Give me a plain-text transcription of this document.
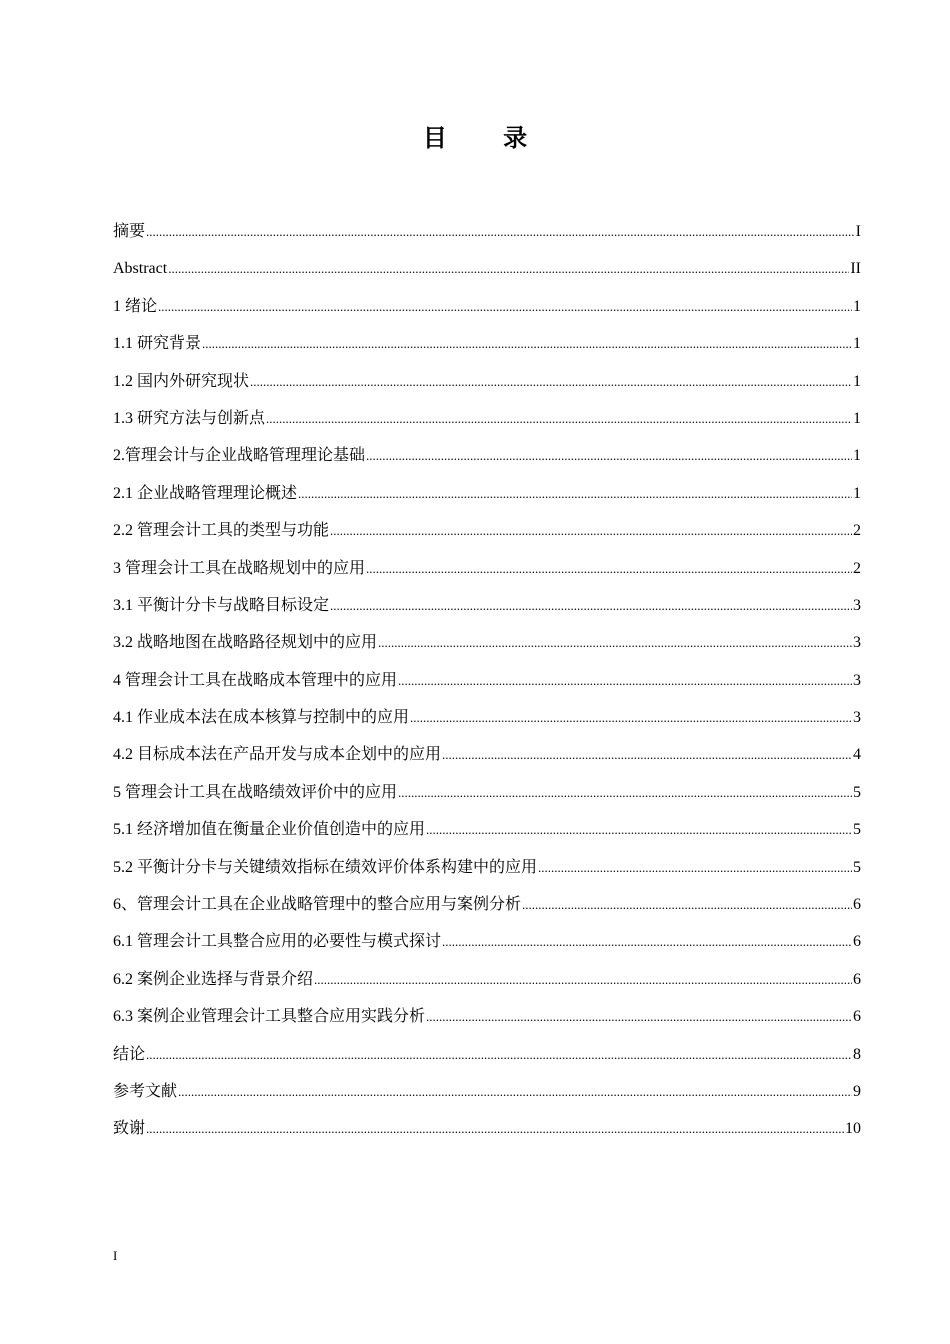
目 录
摘要 .....	I
Abstract .....	II
1 绪论 .....	1
1.1 研究背景 .....	1
1.2 国内外研究现状 .....	1
1.3 研究方法与创新点 .....	1
2.管理会计与企业战略管理理论基础 .....	1
2.1 企业战略管理理论概述 .....	1
2.2 管理会计工具的类型与功能 .....	2
3 管理会计工具在战略规划中的应用 .....	2
3.1 平衡计分卡与战略目标设定 .....	3
3.2 战略地图在战略路径规划中的应用 .....	3
4 管理会计工具在战略成本管理中的应用 .....	3
4.1 作业成本法在成本核算与控制中的应用 .....	3
4.2 目标成本法在产品开发与成本企划中的应用 .....	4
5 管理会计工具在战略绩效评价中的应用 .....	5
5.1 经济增加值在衡量企业价值创造中的应用 .....	5
5.2 平衡计分卡与关键绩效指标在绩效评价体系构建中的应用 .....	5
6、管理会计工具在企业战略管理中的整合应用与案例分析 .....	6
6.1 管理会计工具整合应用的必要性与模式探讨 .....	6
6.2 案例企业选择与背景介绍 .....	6
6.3 案例企业管理会计工具整合应用实践分析 .....	6
结论 .....	8
参考文献 .....	9
致谢 .....	10
I
